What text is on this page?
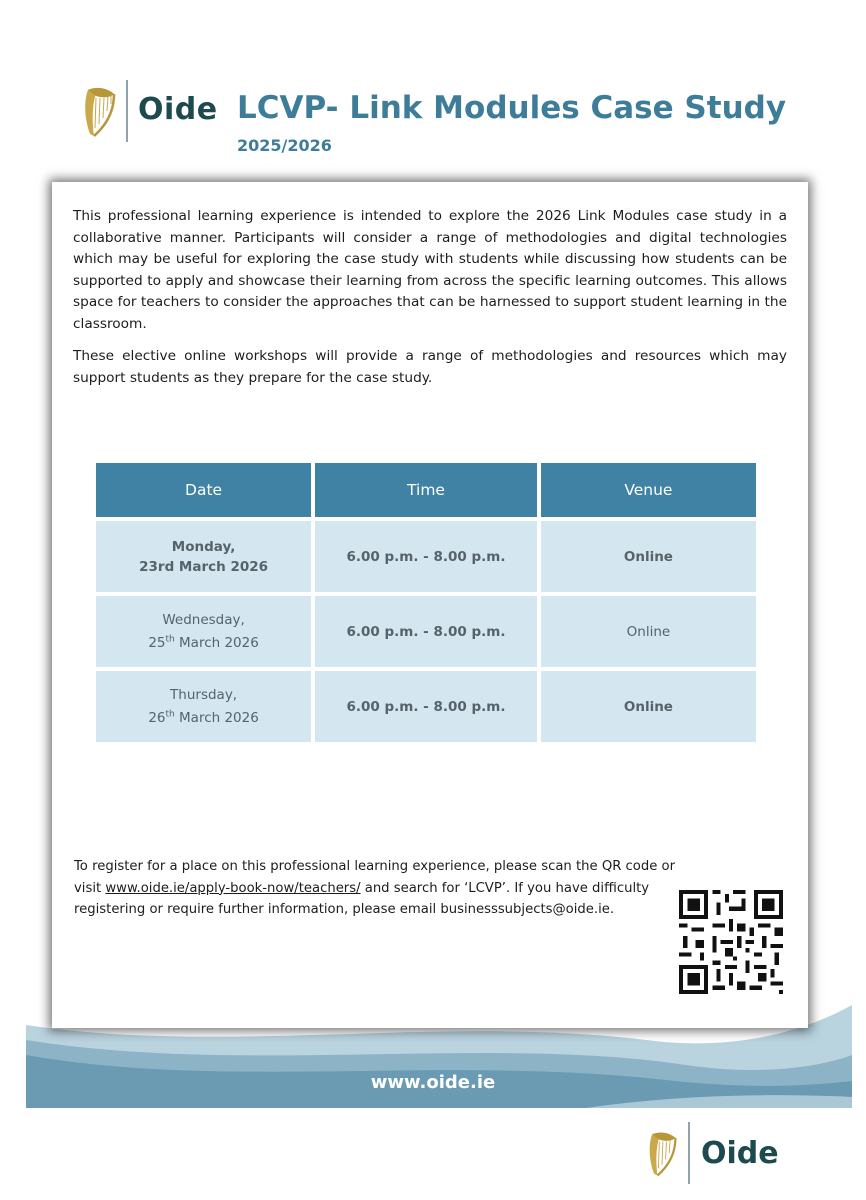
Oide LCVP- Link Modules Case Study
2025/2026
www.oide.ie

This professional learning experience is intended to explore the 2026 Link Modules case study in a collaborative manner. Participants will consider a range of methodologies and digital technologies which may be useful for exploring the case study with students while discussing how students can be supported to apply and showcase their learning from across the specific learning outcomes. This allows space for teachers to consider the approaches that can be harnessed to support student learning in the classroom.

These elective online workshops will provide a range of methodologies and resources which may support students as they prepare for the case study.

Date	Time	Venue
Monday,
23rd March 2026	6.00 p.m. - 8.00 p.m.	Online
Wednesday,
25th March 2026	6.00 p.m. - 8.00 p.m.	Online
Thursday,
26th March 2026	6.00 p.m. - 8.00 p.m.	Online
To register for a place on this professional learning experience, please scan the QR code or
visit www.oide.ie/apply-book-now/teachers/ and search for ‘LCVP’. If you have difficulty registering or require further information, please email businesssubjects@oide.ie.
Oide
